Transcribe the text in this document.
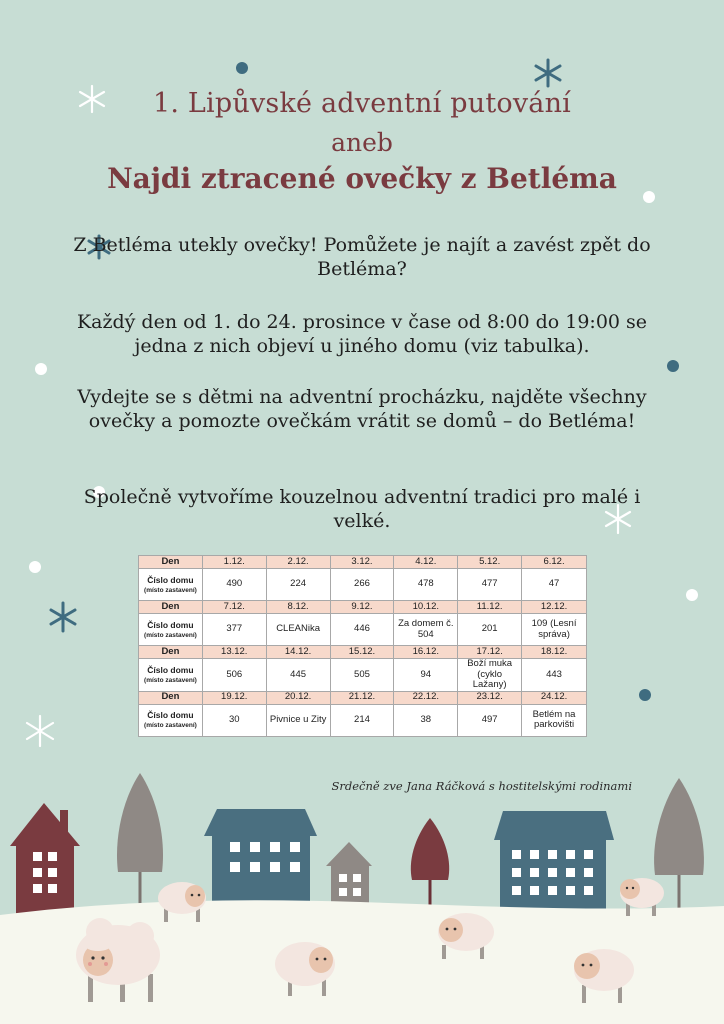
1. Lipůvské adventní putování
aneb
Najdi ztracené ovečky z Betléma
Z Betléma utekly ovečky! Pomůžete je najít a zavést zpět do Betléma?
Každý den od 1. do 24. prosince v čase od 8:00 do 19:00 se jedna z nich objeví u jiného domu (viz tabulka).
Vydejte se s dětmi na adventní procházku, najděte všechny ovečky a pomozte ovečkám vrátit se domů – do Betléma!
Společně vytvoříme kouzelnou adventní tradici pro malé i velké.
Den	1.12.	2.12.	3.12.	4.12.	5.12.	6.12.
Číslo domu
(místo zastavení)	490	224	266	478	477	47
Den	7.12.	8.12.	9.12.	10.12.	11.12.	12.12.
Číslo domu
(místo zastavení)	377	CLEANika	446	Za domem č. 504	201	109 (Lesní správa)
Den	13.12.	14.12.	15.12.	16.12.	17.12.	18.12.
Číslo domu
(místo zastavení)	506	445	505	94	Boží muka (cyklo Lažany)	443
Den	19.12.	20.12.	21.12.	22.12.	23.12.	24.12.
Číslo domu
(místo zastavení)	30	Pivnice u Zity	214	38	497	Betlém na parkovišti
Srdečně zve Jana Ráčková s hostitelskými rodinami
